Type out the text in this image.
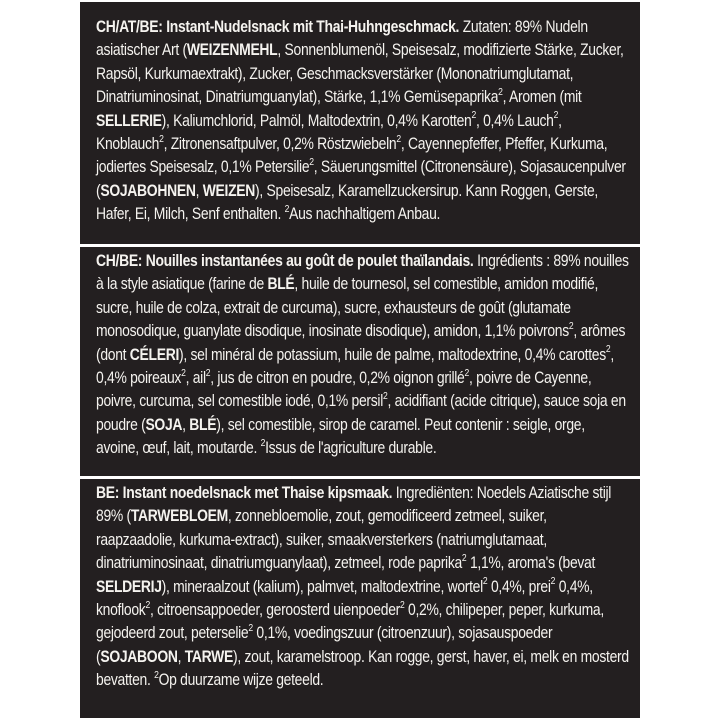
CH/AT/BE: Instant-Nudelsnack mit Thai-Huhngeschmack. Zutaten: 89% Nudeln asiatischer Art (WEIZENMEHL, Sonnenblumenöl, Speisesalz, modifizierte Stärke, Zucker, Rapsöl, Kurkumaextrakt), Zucker, Geschmacksverstärker (Mononatriumglutamat, Dinatriuminosinat, Dinatriumguanylat), Stärke, 1,1% Gemüsepaprika$^2$, Aromen (mit SELLERIE), Kaliumchlorid, Palmöl, Maltodextrin, 0,4% Karotten$^2$, 0,4% Lauch$^2$, Knoblauch$^2$, Zitronensaftpulver, 0,2% Röstzwiebeln$^2$, Cayennepfeffer, Pfeffer, Kurkuma, jodiertes Speisesalz, 0,1% Petersilie$^2$, Säuerungsmittel (Citronensäure), Sojasaucenpulver (SOJABOHNEN, WEIZEN), Speisesalz, Karamellzuckersirup. Kann Roggen, Gerste, Hafer, Ei, Milch, Senf enthalten. $^2$Aus nachhaltigem Anbau.
CH/BE: Nouilles instantanées au goût de poulet thaïlandais. Ingrédients : 89% nouilles à la style asiatique (farine de BLÉ, huile de tournesol, sel comestible, amidon modifié, sucre, huile de colza, extrait de curcuma), sucre, exhausteurs de goût (glutamate monosodique, guanylate disodique, inosinate disodique), amidon, 1,1% poivrons$^2$, arômes (dont CÉLERI), sel minéral de potassium, huile de palme, maltodextrine, 0,4% carottes$^2$, 0,4% poireaux$^2$, ail$^2$, jus de citron en poudre, 0,2% oignon grillé$^2$, poivre de Cayenne, poivre, curcuma, sel comestible iodé, 0,1% persil$^2$, acidifiant (acide citrique), sauce soja en poudre (SOJA, BLÉ), sel comestible, sirop de caramel. Peut contenir : seigle, orge, avoine, œuf, lait, moutarde. $^2$Issus de l'agriculture durable.
BE: Instant noedelsnack met Thaise kipsmaak. Ingrediënten: Noedels Aziatische stijl 89% (TARWEBLOEM, zonnebloemolie, zout, gemodificeerd zetmeel, suiker, raapzaadolie, kurkuma-extract), suiker, smaakversterkers (natriumglutamaat, dinatriuminosinaat, dinatriumguanylaat), zetmeel, rode paprika$^2$ 1,1%, aroma's (bevat SELDERIJ), mineraalzout (kalium), palmvet, maltodextrine, wortel$^2$ 0,4%, prei$^2$ 0,4%, knoflook$^2$, citroensappoeder, geroosterd uienpoeder$^2$ 0,2%, chilipeper, peper, kurkuma, gejodeerd zout, peterselie$^2$ 0,1%, voedingszuur (citroenzuur), sojasauspoeder (SOJABOON, TARWE), zout, karamelstroop. Kan rogge, gerst, haver, ei, melk en mosterd bevatten. $^2$Op duurzame wijze geteeld.
